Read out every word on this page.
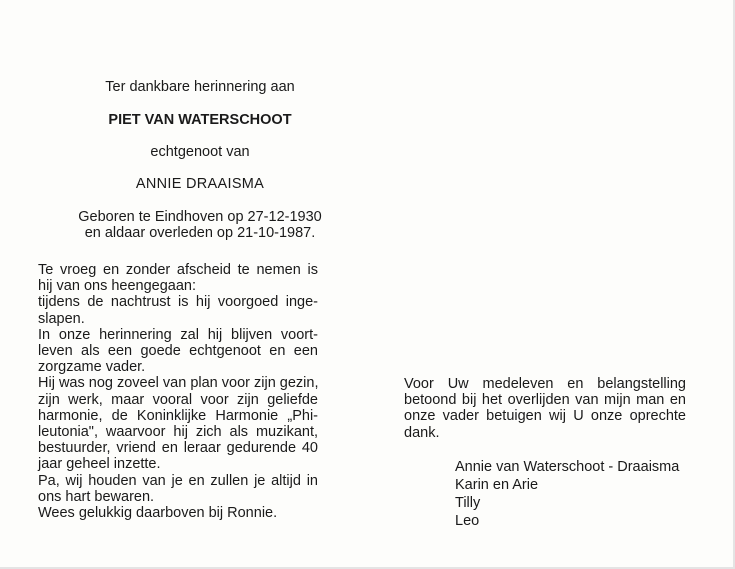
Ter dankbare herinnering aan
PIET VAN WATERSCHOOT
echtgenoot van
ANNIE DRAAISMA
Geboren te Eindhoven op 27-12-1930
en aldaar overleden op 21-10-1987.
Te vroeg en zonder afscheid te nemen is
hij van ons heengegaan:
tijdens de nachtrust is hij voorgoed inge-
slapen.
In onze herinnering zal hij blijven voort-
leven als een goede echtgenoot en een
zorgzame vader.
Hij was nog zoveel van plan voor zijn gezin,
zijn werk, maar vooral voor zijn geliefde
harmonie, de Koninklijke Harmonie „Phi-
leutonia", waarvoor hij zich als muzikant,
bestuurder, vriend en leraar gedurende 40
jaar geheel inzette.
Pa, wij houden van je en zullen je altijd in
ons hart bewaren.
Wees gelukkig daarboven bij Ronnie.
Voor Uw medeleven en belangstelling
betoond bij het overlijden van mijn man en
onze vader betuigen wij U onze oprechte
dank.
Annie van Waterschoot - Draaisma
Karin en Arie
Tilly
Leo
